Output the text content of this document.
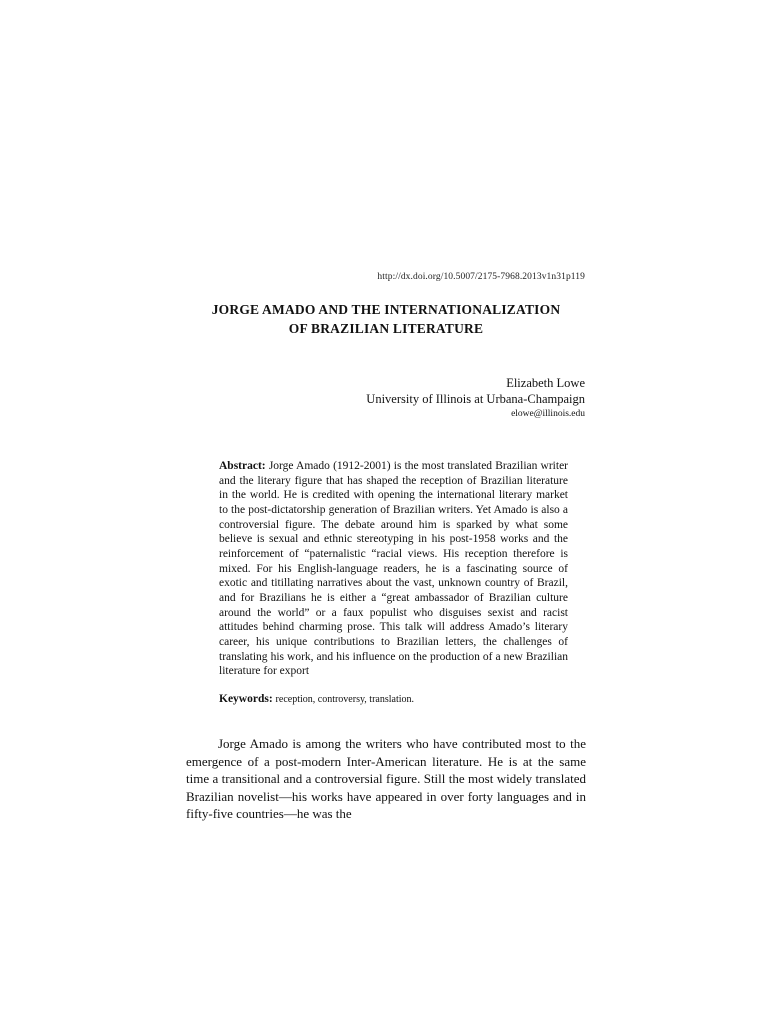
http://dx.doi.org/10.5007/2175-7968.2013v1n31p119
JORGE AMADO AND THE INTERNATIONALIZATION
OF BRAZILIAN LITERATURE
Elizabeth Lowe
University of Illinois at Urbana-Champaign
elowe@illinois.edu
Abstract: Jorge Amado (1912-2001) is the most translated Brazilian writer and the literary figure that has shaped the reception of Brazilian literature in the world. He is credited with opening the international literary market to the post-dictatorship generation of Brazilian writers. Yet Amado is also a controversial figure. The debate around him is sparked by what some believe is sexual and ethnic stereotyping in his post-1958 works and the reinforcement of “paternalistic “racial views. His reception therefore is mixed. For his English-language readers, he is a fascinating source of exotic and titillating narratives about the vast, unknown country of Brazil, and for Brazilians he is either a “great ambassador of Brazilian culture around the world” or a faux populist who disguises sexist and racist attitudes behind charming prose. This talk will address Amado’s literary career, his unique contributions to Brazilian letters, the challenges of translating his work, and his influence on the production of a new Brazilian literature for export
Keywords: reception, controversy, translation.

Jorge Amado is among the writers who have contributed most to the emergence of a post-modern Inter-American literature. He is at the same time a transitional and a controversial figure. Still the most widely translated Brazilian novelist—his works have appeared in over forty languages and in fifty-five countries—he was the
